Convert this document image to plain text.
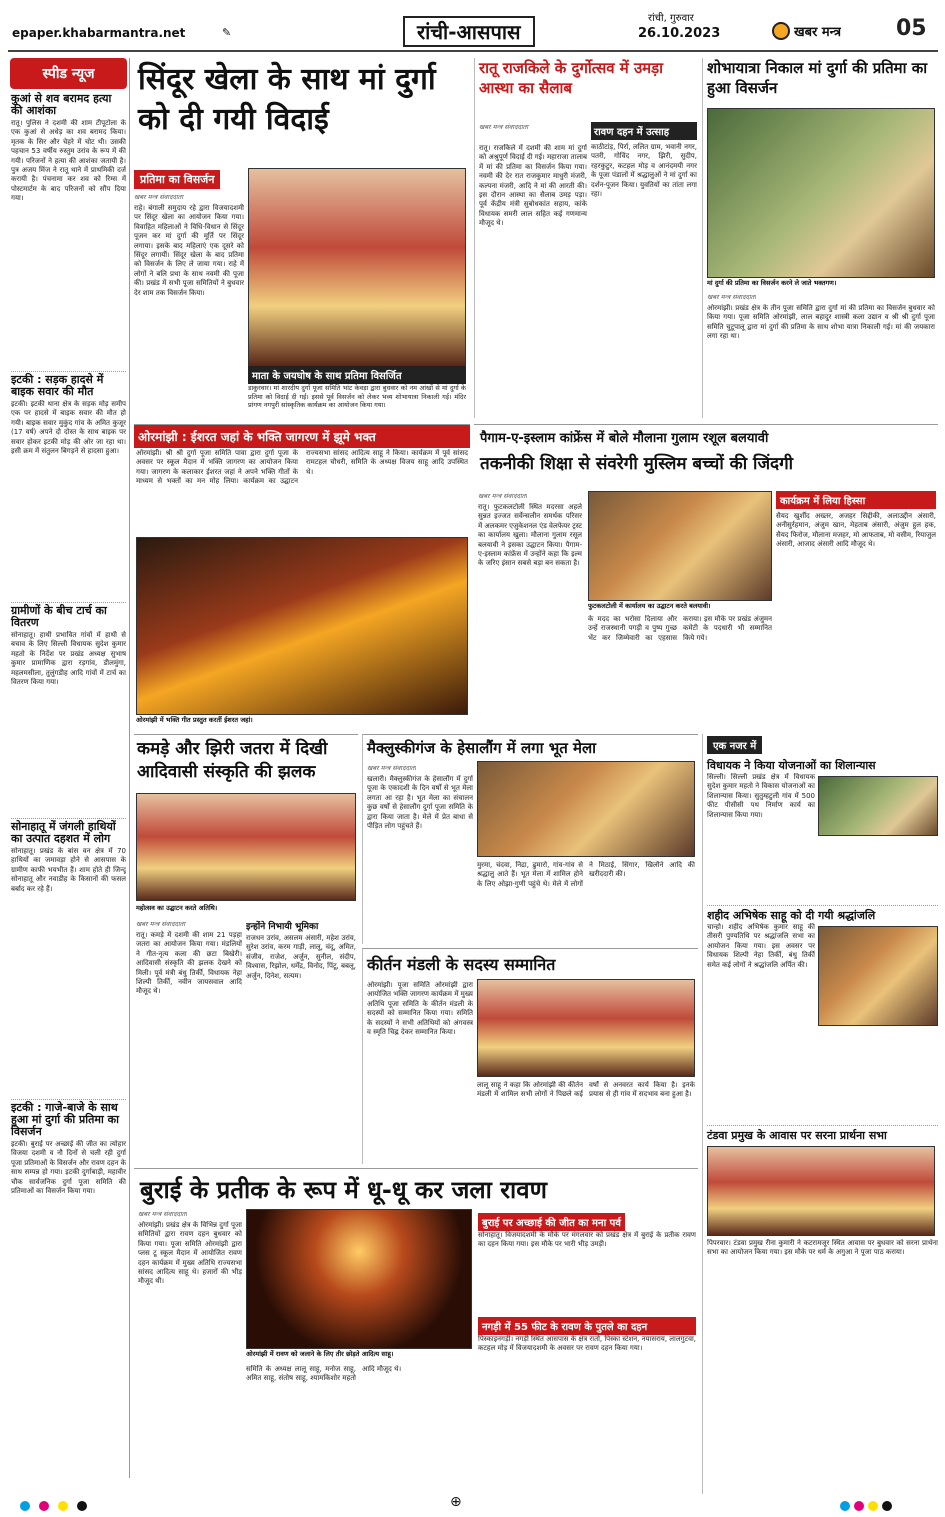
epaper.khabarmantra.net	✎	रांची-आसपास
रांची, गुरुवार
26.10.2023	खबर मन्त्र 05
स्पीड न्यूज
कुआं से शव बरामद हत्या की आशंका
रातू। पुलिस ने दशमी की शाम टीपूटोला के एक कुआं से अधेड़ का शव बरामद किया। मृतक के सिर और चेहरे में चोट थी। उसकी पहचान 53 वर्षीय रुस्तुम उरांव के रूप में की गयी। परिजनों ने हत्या की आशंका जतायी है। पुत्र अजय मिंज ने रातू थाने में प्राथमिकी दर्ज करायी है। पंचनामा कर शव को रिम्स में पोस्टमार्टम के बाद परिजनों को सौंप दिया गया।
इटकी : सड़क हादसे में बाइक सवार की मौत
इटकी। इटकी थाना क्षेत्र के सड़क मोड़ समीप एक पर हादसे में बाइक सवार की मौत हो गयी। बाइक सवार मुकुंद गांव के अमित कुजूर (17 वर्ष) अपने दो दोस्त के साथ बाइक पर सवार होकर इटकी मोड़ की ओर जा रहा था। इसी क्रम में संतुलन बिगड़ने से हादसा हुआ।
ग्रामीणों के बीच टार्च का वितरण
सोनाहातू। हाथी प्रभावित गांवों में हाथी से बचाव के लिए सिल्ली विधायक सुदेश कुमार महतो के निर्देश पर प्रखंड अध्यक्ष सुभाष कुमार प्रामाणिक द्वारा रड़गांव, डीलमुंगा, महलमसीला, तुलुंगडीह आदि गांवों में टार्च का वितरण किया गया।
सोनाहातू में जंगली हाथियों का उत्पात दहशत में लोग
सोनाहातू। प्रखंड के बांस वन क्षेत्र में 70 हाथियों का जमावड़ा होने से आसपास के ग्रामीण काफी भयभीत हैं। शाम होते ही जिन्दू सोनाहातू और नवाडीह के किसानों की फसल बर्बाद कर रहे हैं।
इटकी : गाजे-बाजे के साथ हुआ मां दुर्गा की प्रतिमा का विसर्जन
इटकी। बुराई पर अच्छाई की जीत का त्योहार विजया दशमी व नौ दिनों से चली रही दुर्गा पूजा प्रतिमाओं के विसर्जन और रावण दहन के साथ सम्पन्न हो गया। इटकी दुर्गाबाड़ी, महावीर चौक सार्वजनिक दुर्गा पूजा समिति की प्रतिमाओं का विसर्जन किया गया।
सिंदूर खेला के साथ मां दुर्गा को दी गयी विदाई
प्रतिमा का विसर्जन
खबर मन्त्र संवाददाता
राहे। बंगाली समुदाय रहे द्वारा विजयादशमी पर सिंदूर खेला का आयोजन किया गया। विवाहित महिलाओं ने विधि-विधान से सिंदूर पूजन कर मां दुर्गा की मूर्ति पर सिंदूर लगाया। इसके बाद महिलाएं एक दूसरे को सिंदूर लगायीं। सिंदूर खेला के बाद प्रतिमा को विसर्जन के लिए ले जाया गया। राहे में लोगों ने बलि प्रथा के साथ नवमी की पूजा की। प्रखंड में सभी पूजा समितियों ने बुधवार देर शाम तक विसर्जन किया।
माता के जयघोष के साथ प्रतिमा विसर्जित
डाकुरवार। मां शारदीय दुर्गा पूजा समिति भांट केवड़ा द्वारा बुधवार को नम आंखों से मां दुर्गा के प्रतिमा को विदाई दी गई। इससे पूर्व विसर्जन को लेकर भव्य शोभायात्रा निकाली गई। मंदिर प्रांगण नगपुरी सांस्कृतिक कार्यक्रम का आयोजन किया गया।
रातू राजकिले के दुर्गोत्सव में उमड़ा आस्था का सैलाब
खबर मन्त्र संवाददाता
रातू। राजकिले में दशमी की शाम मां दुर्गा को अश्रुपूर्ण विदाई दी गई। महाराजा तालाब में मां की प्रतिमा का विसर्जन किया गया। नवमी की देर रात राजकुमार माधुरी मंजरी, कल्पना मंजरी, आदि ने मां की आरती की। इस दौरान आस्था का सैलाब उमड़ पड़ा। पूर्व केंद्रीय मंत्री सुबोधकांत सहाय, कांके विधायक समरी लाल सहित कई गणमान्य मौजूद थे।
रावण दहन में उत्साह
काठीटांड़, पिर्रा, ललित ग्राम, भवानी नगर, पतरी, गोविंद नगर, झिरी, सुदीप, रहरकुटुर, कटहल मोड़ व आनंदमयी नगर के पूजा पंडालों में श्रद्धालुओं ने मां दुर्गा का दर्शन-पूजन किया। युवतियों का तांता लगा रहा।
शोभायात्रा निकाल मां दुर्गा की प्रतिमा का हुआ विसर्जन
मां दुर्गा की प्रतिमा का विसर्जन करने ले जाते भक्तगण।
खबर मन्त्र संवाददाता
ओरमांझी। प्रखंड क्षेत्र के तीन पूजा समिति द्वारा दुर्गा मां की प्रतिमा का विसर्जन बुधवार को किया गया। पूजा समिति ओरमांझी, लाल बहादुर शास्त्री कला उद्यान व श्री श्री दुर्गा पूजा समिति चुटूपालू द्वारा मां दुर्गा की प्रतिमा के साथ शोभा यात्रा निकाली गई। मां की जयकारा लगा रहा था।
ओरमांझी : ईशरत जहां के भक्ति जागरण में झूमे भक्त
ओरमांझी। श्री श्री दुर्गा पूजा समिति पावा द्वारा दुर्गा पूजा के अवसर पर स्कूल मैदान में भक्ति जागरण का आयोजन किया गया। जागरण के कलाकार ईशरत जहां ने अपने भक्ति गीतों के माध्यम से भक्तों का मन मोह लिया। कार्यक्रम का उद्घाटन राज्यसभा सांसद आदित्य साहू ने किया। कार्यक्रम में पूर्व सांसद रामटहल चौधरी, समिति के अध्यक्ष विजय साहू आदि उपस्थित थे।
ओरमांझी में भक्ति गीत प्रस्तुत करतीं ईशरत जहां।
पैगाम-ए-इस्लाम कांफ्रेंस में बोले मौलाना गुलाम रशूल बलयावी
तकनीकी शिक्षा से संवरेगी मुस्लिम बच्चों की जिंदगी
खबर मन्त्र संवाददाता
रातू। फुटकलटोली स्थित मदरसा अहले सुन्नत इज्जत सर्वेन्सलीन समर्थक परिसर में अलकमर एजुकेशनल एंड वेलफेयर ट्रस्ट का कार्यालय खुला। मौलाना गुलाम रसूल बलयावी ने इसका उद्घाटन किया। पैगाम-ए-इस्लाम कांफ्रेंस में उन्होंने कहा कि इल्म के जरिए इंसान सबसे बड़ा बन सकता है।
फुटकलटोली में कार्यालय का उद्घाटन करते बलयावी।
के मदद का भरोसा दिलाया और उन्हें राजस्थानी पगड़ी व पुष्प गुच्छ भेंट कर जिम्मेवारी का एहसास कराया। इस मौके पर प्रखंड अंजुमन कमेटी के पदधारी भी सम्मानित किये गये।
कार्यक्रम में लिया हिस्सा
सैयद खुर्शीद अख्तर, अजहर सिद्दीकी, अलाउद्दीन अंसारी, अनीसुर्रहमान, अंजुम खान, मेहताब अंसारी, अंजुम हुल हक, सैयद फिरोज, मौलाना मजहर, मो आफताब, मो वसीम, रियाजुल अंसारी, आजाद अंसारी आदि मौजूद थे।
कमड़े और झिरी जतरा में दिखी आदिवासी संस्कृति की झलक
महोत्सव का उद्घाटन करते अतिथि।
खबर मन्त्र संवाददाता
रातू। कमड़े में दशमी की शाम 21 पड़हा जतरा का आयोजन किया गया। मंडलियों ने गीत-नृत्य कला की छटा बिखेरी। आदिवासी संस्कृति की झलक देखने को मिली। पूर्व मंत्री बंधु तिर्की, विधायक नेहा शिल्पी तिर्की, नवीन जायसवाल आदि मौजूद थे।
इन्होंने निभायी भूमिका
राजधन उरांव, असलम अंसारी, महेश उरांव, सुरेश उरांव, करम गाड़ी, लालू, चंदू, अमित, संजीव, राजेश, अर्जुन, सुनील, संदीप, विश्वास, रिझोल, धर्मेंद्र, विनोद, पिंटू, बबलू, अर्जुन, दिनेश, सत्यम।
मैक्लुस्कीगंज के हेसालौंग में लगा भूत मेला
खबर मन्त्र संवाददाता
खलारी। मैक्लुस्कीगंज के हेसालौंग में दुर्गा पूजा के एकादशी के दिन वर्षों से भूत मेला लगता आ रहा है। भूत मेला का संचालन कुछ वर्षों से हेसालौंग दुर्गा पूजा समिति के द्वारा किया जाता है। मेले में प्रेत बाधा से पीड़ित लोग पहुंचते हैं।
मुरमा, चंदवा, निद्रा, ढुमारो, गांव-गांव से श्रद्धालु आते हैं। भूत मेला में शामिल होने के लिए ओझा-गुणी पहुंचे थे। मेले में लोगों ने मिठाई, सिंगार, खिलौने आदि की खरीददारी की।
कीर्तन मंडली के सदस्य सम्मानित
ओरमांझी। पूजा समिति ओरमांझी द्वारा आयोजित भक्ति जागरण कार्यक्रम में मुख्य अतिथि पूजा समिति के कीर्तन मंडली के सदस्यों को सम्मानित किया गया। समिति के सदस्यों ने सभी अतिथियों को अंगवस्त्र व स्मृति चिह्न देकर सम्मानित किया।
लालू साहू ने कहा कि ओरमांझी की कीर्तन मंडली में शामिल सभी लोगों ने पिछले कई वर्षों से अनवरत कार्य किया है। इनके प्रयास से ही गांव में सदभाव बना हुआ है।
एक नजर में
विधायक ने किया योजनाओं का शिलान्यास
सिल्ली। सिल्ली प्रखंड क्षेत्र में विधायक सुदेश कुमार महतो ने विकास योजनाओं का शिलान्यास किया। सुतुम्हटुली गांव में 500 फीट पीसीसी पथ निर्माण कार्य का शिलान्यास किया गया।
शहीद अभिषेक साहू को दी गयी श्रद्धांजलि
चान्हो। शहीद अभिषेक कुमार साहू की तीसरी पुण्यतिथि पर श्रद्धांजलि सभा का आयोजन किया गया। इस अवसर पर विधायक शिल्पी नेहा तिर्की, बंधु तिर्की समेत कई लोगों ने श्रद्धांजलि अर्पित की।
टंडवा प्रमुख के आवास पर सरना प्रार्थना सभा
पिपरवार। टंडवा प्रमुख रीना कुमारी ने कटरामजूर स्थित आवास पर बुधवार को सरना प्रार्थना सभा का आयोजन किया गया। इस मौके पर धर्म के अगुआ ने पूजा पाठ कराया।
बुराई के प्रतीक के रूप में धू-धू कर जला रावण
खबर मन्त्र संवाददाता
ओरमांझी। प्रखंड क्षेत्र के विभिन्न दुर्गा पूजा समितियों द्वारा रावण दहन बुधवार को किया गया। पूजा समिति ओरमांझी द्वारा प्लस टू स्कूल मैदान में आयोजित रावण दहन कार्यक्रम में मुख्य अतिथि राज्यसभा सांसद आदित्य साहू थे। हजारों की भीड़ मौजूद थी।
ओरमांझी में रावण को जलाने के लिए तीर छोड़ते आदित्य साहू।
समिति के अध्यक्ष लालू साहू, मनोज साहू, अमित साहू, संतोष साहू, श्यामकिशोर महतो आदि मौजूद थे।
बुराई पर अच्छाई की जीत का मना पर्व
सोनाहातू। विजयादशमी के मौके पर मंगलवार को प्रखंड क्षेत्र में बुराई के प्रतीक रावण का दहन किया गया। इस मौके पर भारी भीड़ उमड़ी।
नगड़ी में 55 फीट के रावण के पुतले का दहन
पिस्काइनगड़ी। नगड़ी स्थित आसपास के क्षेत्र रातो, पिस्का स्टेशन, नयासराय, लालगुटवा, कटहल मोड़ में विजयादशमी के अवसर पर रावण दहन किया गया।

⊕
